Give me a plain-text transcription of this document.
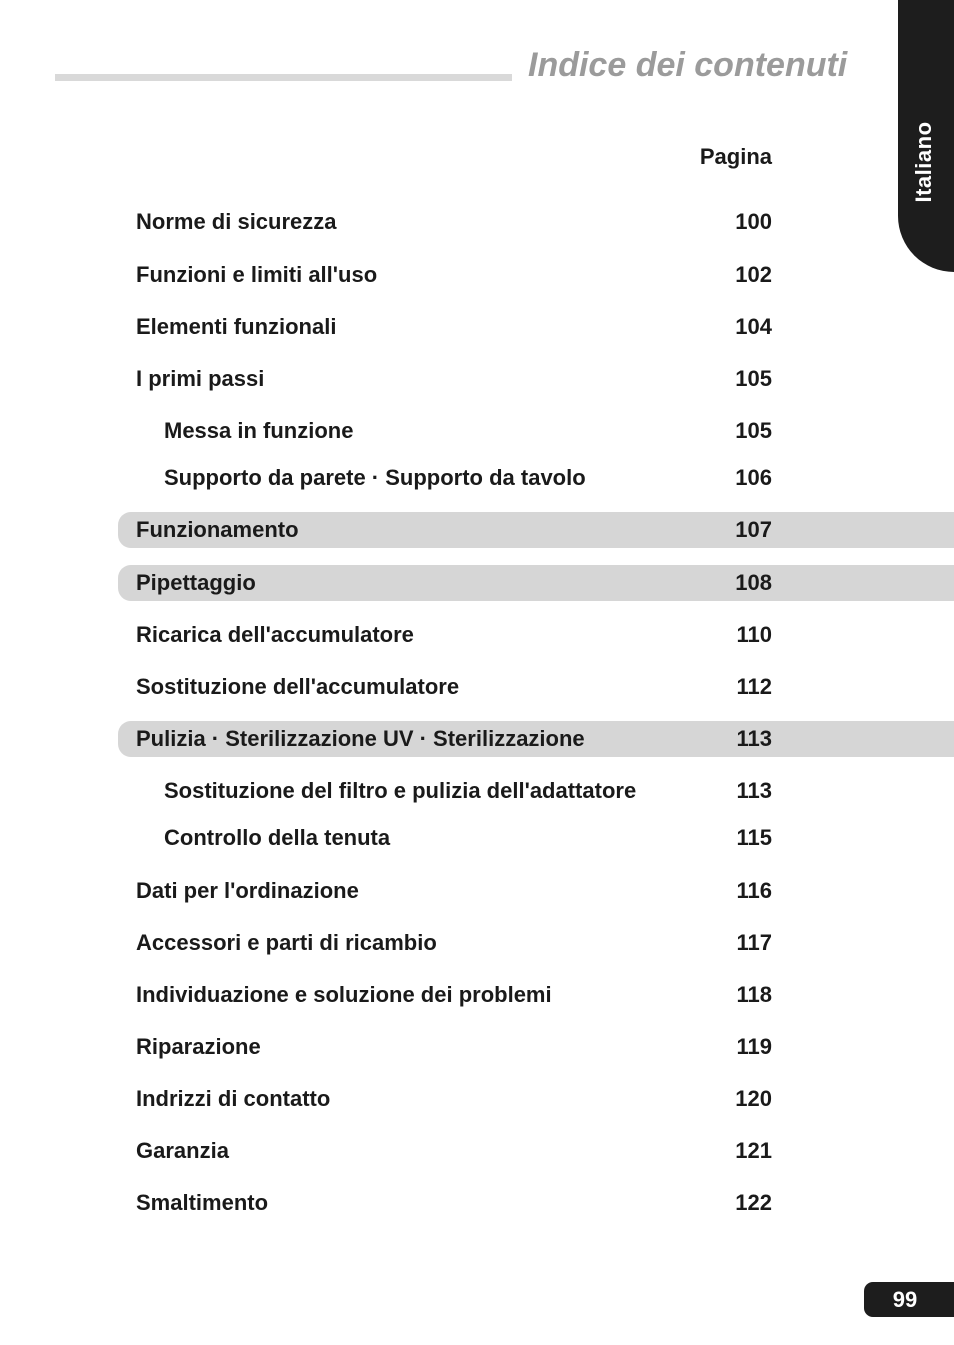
Indice dei contenuti
Italiano
Pagina
Norme di sicurezza	100
Funzioni e limiti all'uso	102
Elementi funzionali	104
I primi passi	105
Messa in funzione	105
Supporto da parete · Supporto da tavolo	106
Funzionamento	107
Pipettaggio	108
Ricarica dell'accumulatore	110
Sostituzione dell'accumulatore	112
Pulizia · Sterilizzazione UV · Sterilizzazione	113
Sostituzione del filtro e pulizia dell'adattatore	113
Controllo della tenuta	115
Dati per l'ordinazione	116
Accessori e parti di ricambio	117
Individuazione e soluzione dei problemi	118
Riparazione	119
Indrizzi di contatto	120
Garanzia	121
Smaltimento	122
99
